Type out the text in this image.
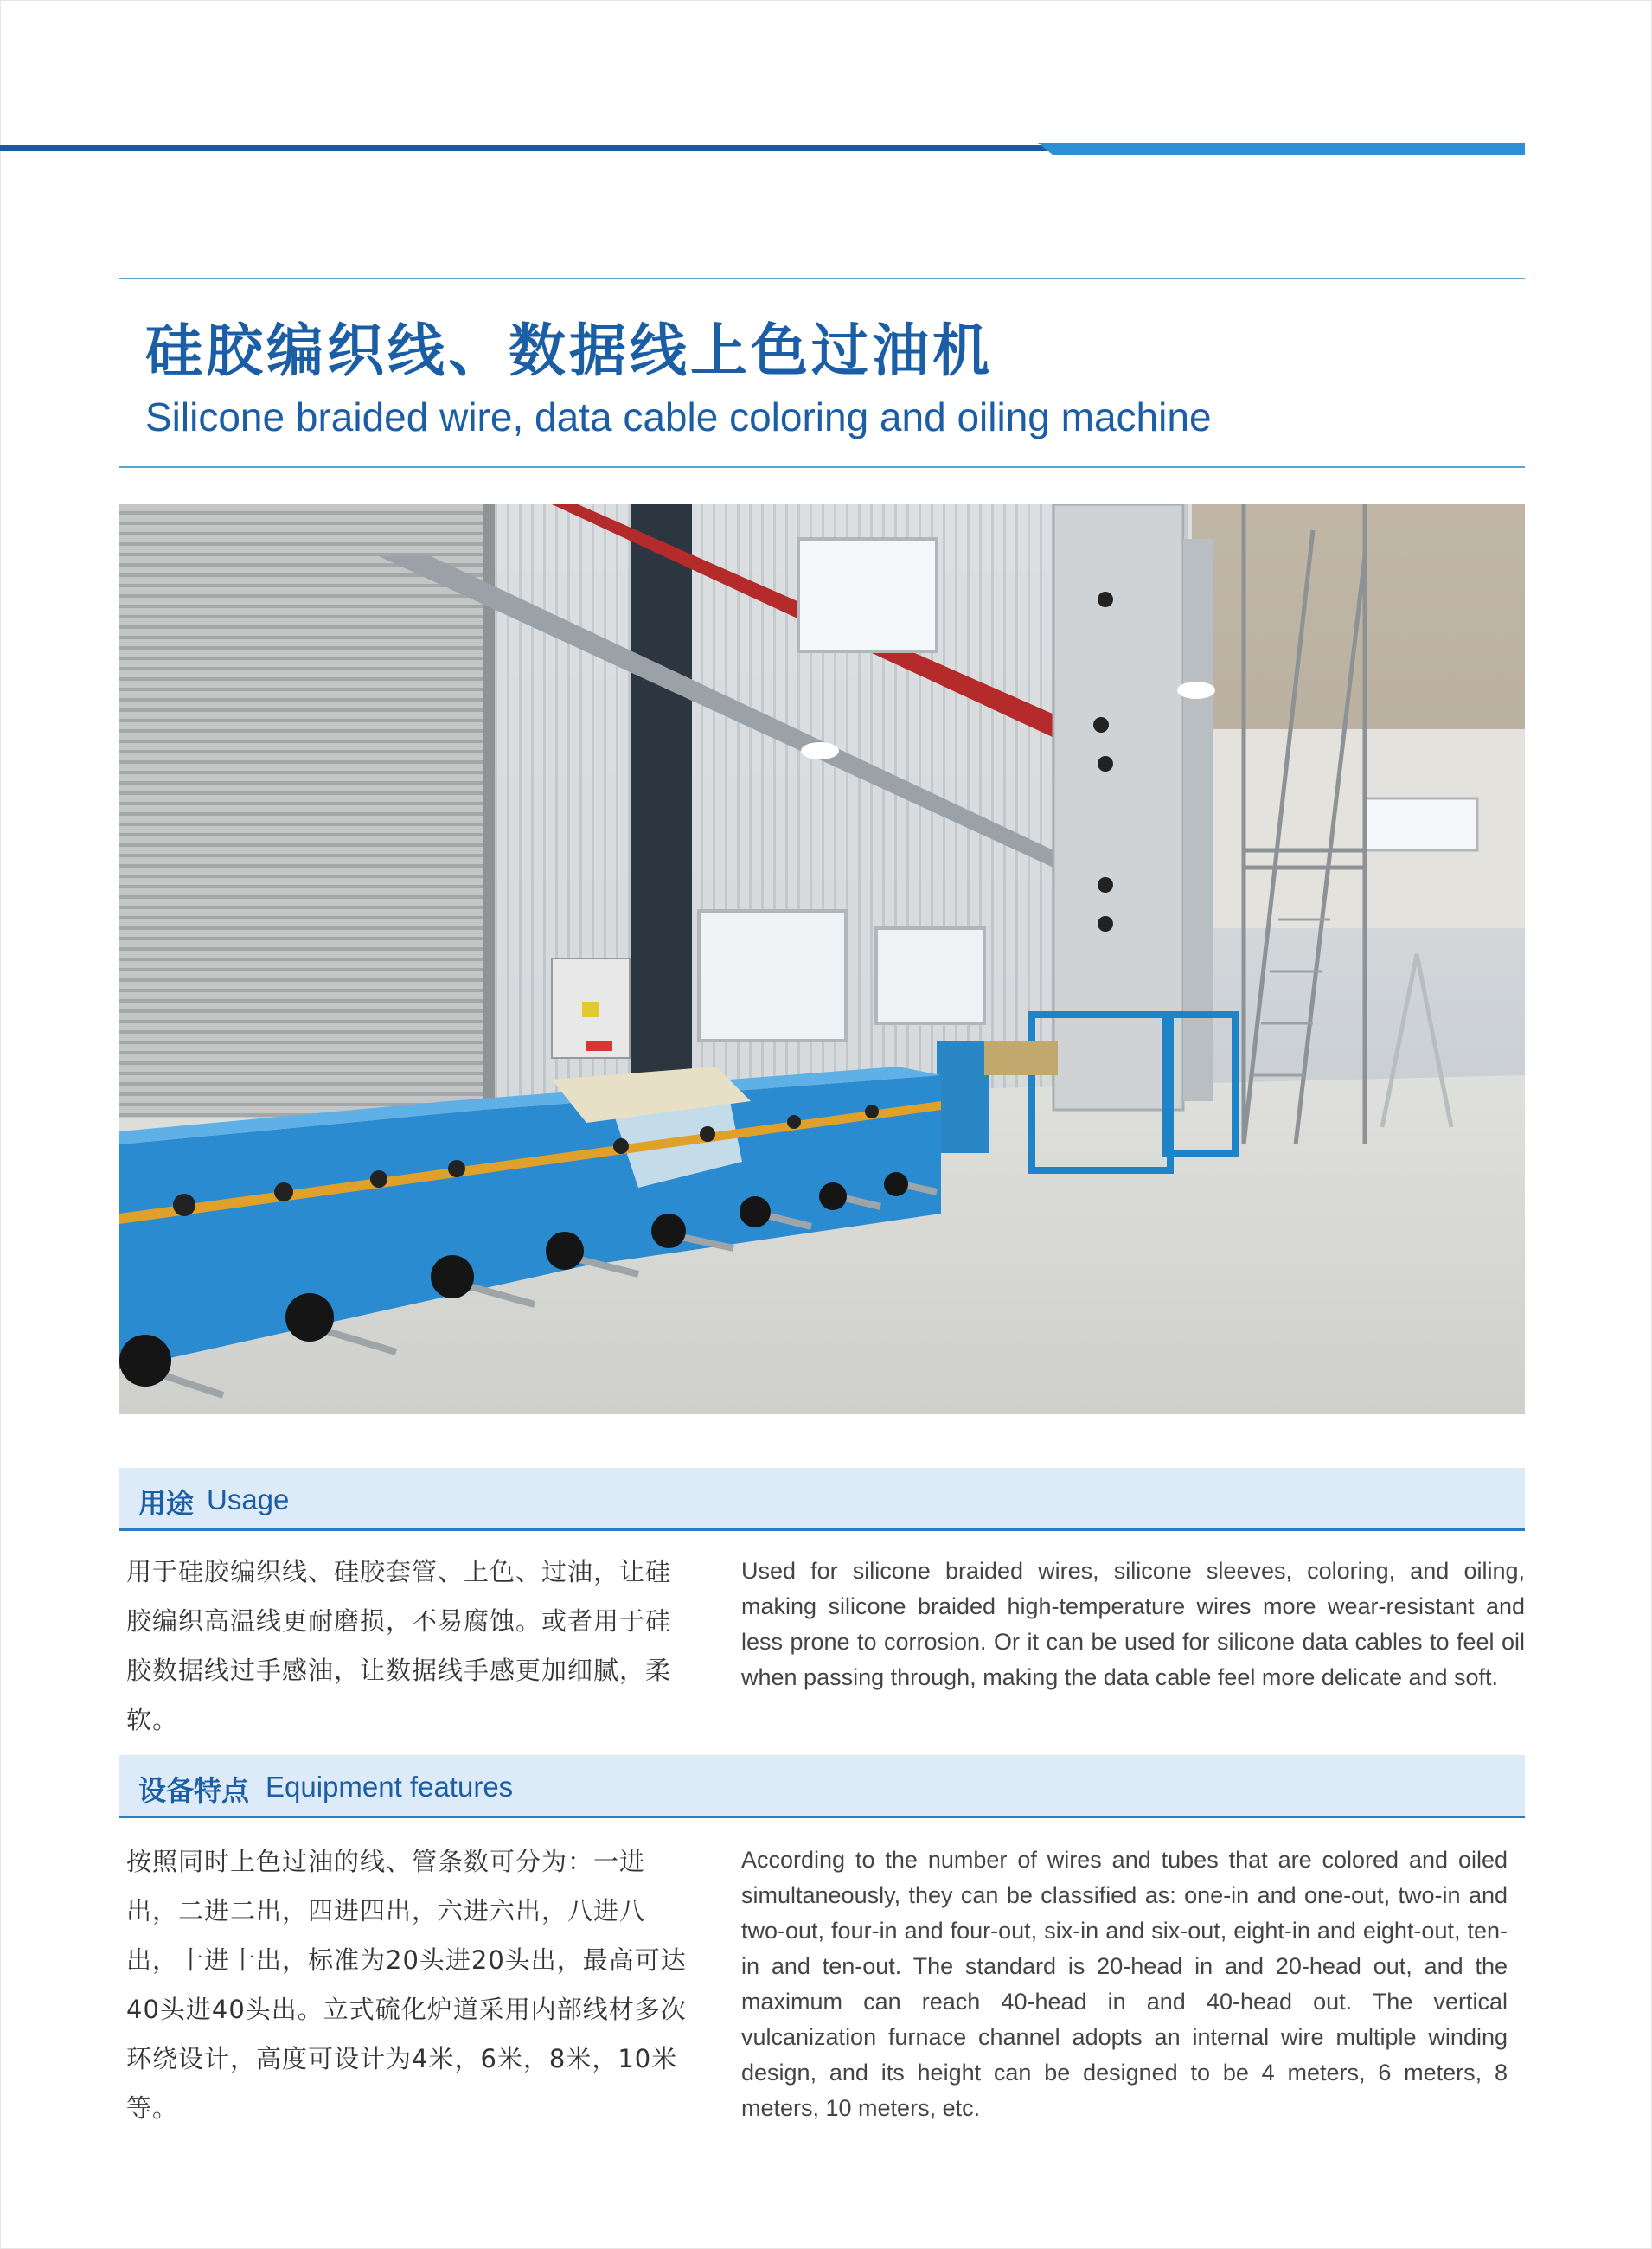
硅胶编织线、数据线上色过油机
Silicone braided wire, data cable coloring and oiling machine
用途 Usage
用于硅胶编织线、硅胶套管、上色、过油，让硅胶编织高温线更耐磨损，不易腐蚀。或者用于硅胶数据线过手感油，让数据线手感更加细腻，柔软。
Used for silicone braided wires, silicone sleeves, coloring, and oiling, making silicone braided high-temperature wires more wear-resistant and less prone to corrosion. Or it can be used for silicone data cables to feel oil when passing through, making the data cable feel more delicate and soft.
设备特点 Equipment features
按照同时上色过油的线、管条数可分为：一进出，二进二出，四进四出，六进六出，八进八出，十进十出，标准为20头进20头出，最高可达40头进40头出。立式硫化炉道采用内部线材多次环绕设计，高度可设计为4米，6米，8米，10米等。
According to the number of wires and tubes that are colored and oiled simultaneously, they can be classified as: one-in and one-out, two-in and two-out, four-in and four-out, six-in and six-out, eight-in and eight-out, ten-in and ten-out. The standard is 20-head in and 20-head out, and the maximum can reach 40-head in and 40-head out. The vertical vulcanization furnace channel adopts an internal wire multiple winding design, and its height can be designed to be 4 meters, 6 meters, 8 meters, 10 meters, etc.
